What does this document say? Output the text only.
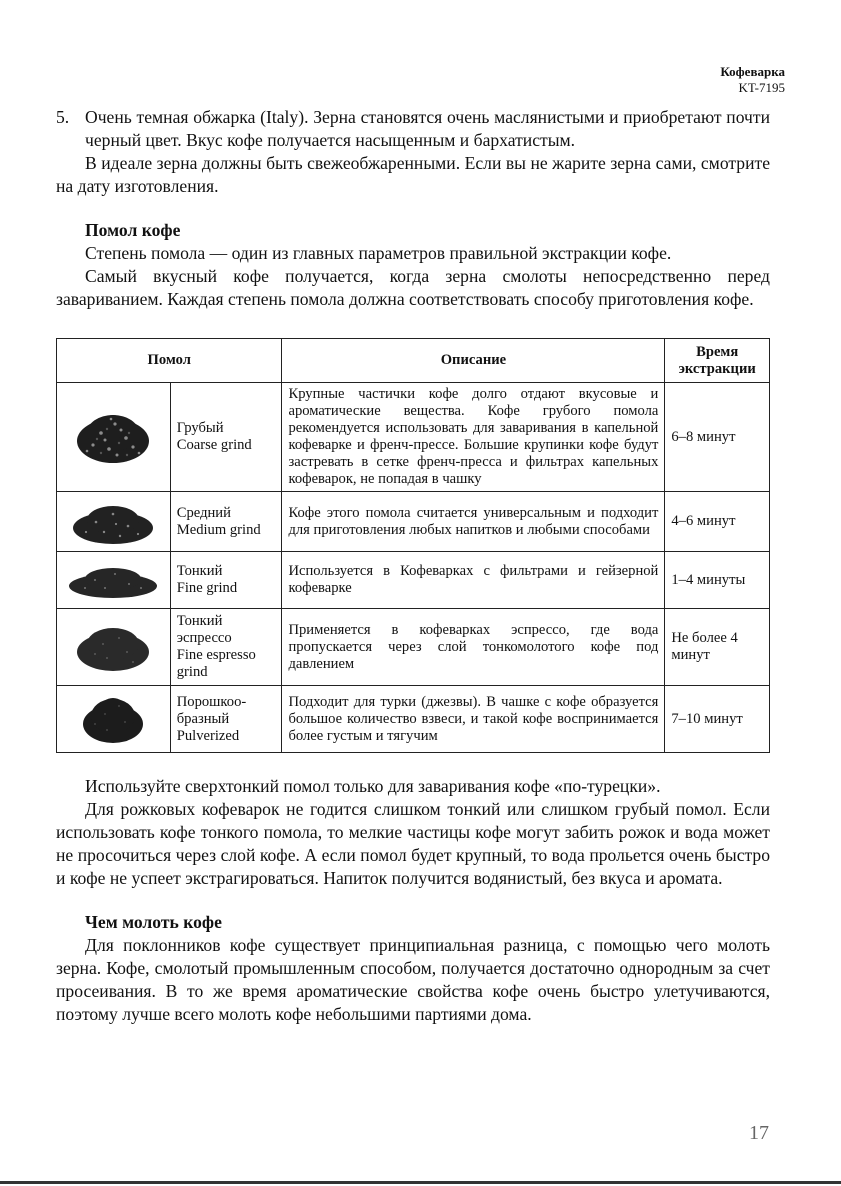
Кофеварка
KT-7195
5. Очень темная обжарка (Italy). Зерна становятся очень маслянистыми и приобретают почти черный цвет. Вкус кофе получается насыщенным и бархатистым.

В идеале зерна должны быть свежеобжаренными. Если вы не жарите зерна сами, смотрите на дату изготовления.

Помол кофе

Степень помола — один из главных параметров правильной экстракции кофе.

Самый вкусный кофе получается, когда зерна смолоты непосредственно перед завариванием. Каждая степень помола должна соответствовать способу приготовления кофе.

Помол		Описание	Время экстракции

Грубый
Coarse grind	Крупные частички кофе долго отдают вкусовые и ароматические вещества. Кофе грубого помола рекомендуется использовать для заваривания в капельной кофеварке и френч-прессе. Большие крупинки кофе будут застревать в сетке френч-пресса и фильтрах капельных кофеварок, не попадая в чашку	6–8 минут

Средний
Medium grind	Кофе этого помола считается универсальным и подходит для приготовления любых напитков и любыми способами	4–6 минут

Тонкий
Fine grind	Используется в Кофеварках с фильтрами и гейзерной кофеварке	1–4 минуты

Тонкий
эспрессо
Fine espresso
grind	Применяется в кофеварках эспрессо, где вода пропускается через слой тонкомолотого кофе под давлением	Не более 4 минут

Порошкоо-
бразный
Pulverized	Подходит для турки (джезвы). В чашке с кофе образуется большое количество взвеси, и такой кофе воспринимается более густым и тягучим	7–10 минут

Используйте сверхтонкий помол только для заваривания кофе «по-турецки».

Для рожковых кофеварок не годится слишком тонкий или слишком грубый помол. Если использовать кофе тонкого помола, то мелкие частицы кофе могут забить рожок и вода может не просочиться через слой кофе. А если помол будет крупный, то вода прольется очень быстро и кофе не успеет экстрагироваться. Напиток получится водянистый, без вкуса и аромата.

Чем молоть кофе

Для поклонников кофе существует принципиальная разница, с помощью чего молоть зерна. Кофе, смолотый промышленным способом, получается достаточно однородным за счет просеивания. В то же время ароматические свойства кофе очень быстро улетучиваются, поэтому лучше всего молоть кофе небольшими партиями дома.

17
